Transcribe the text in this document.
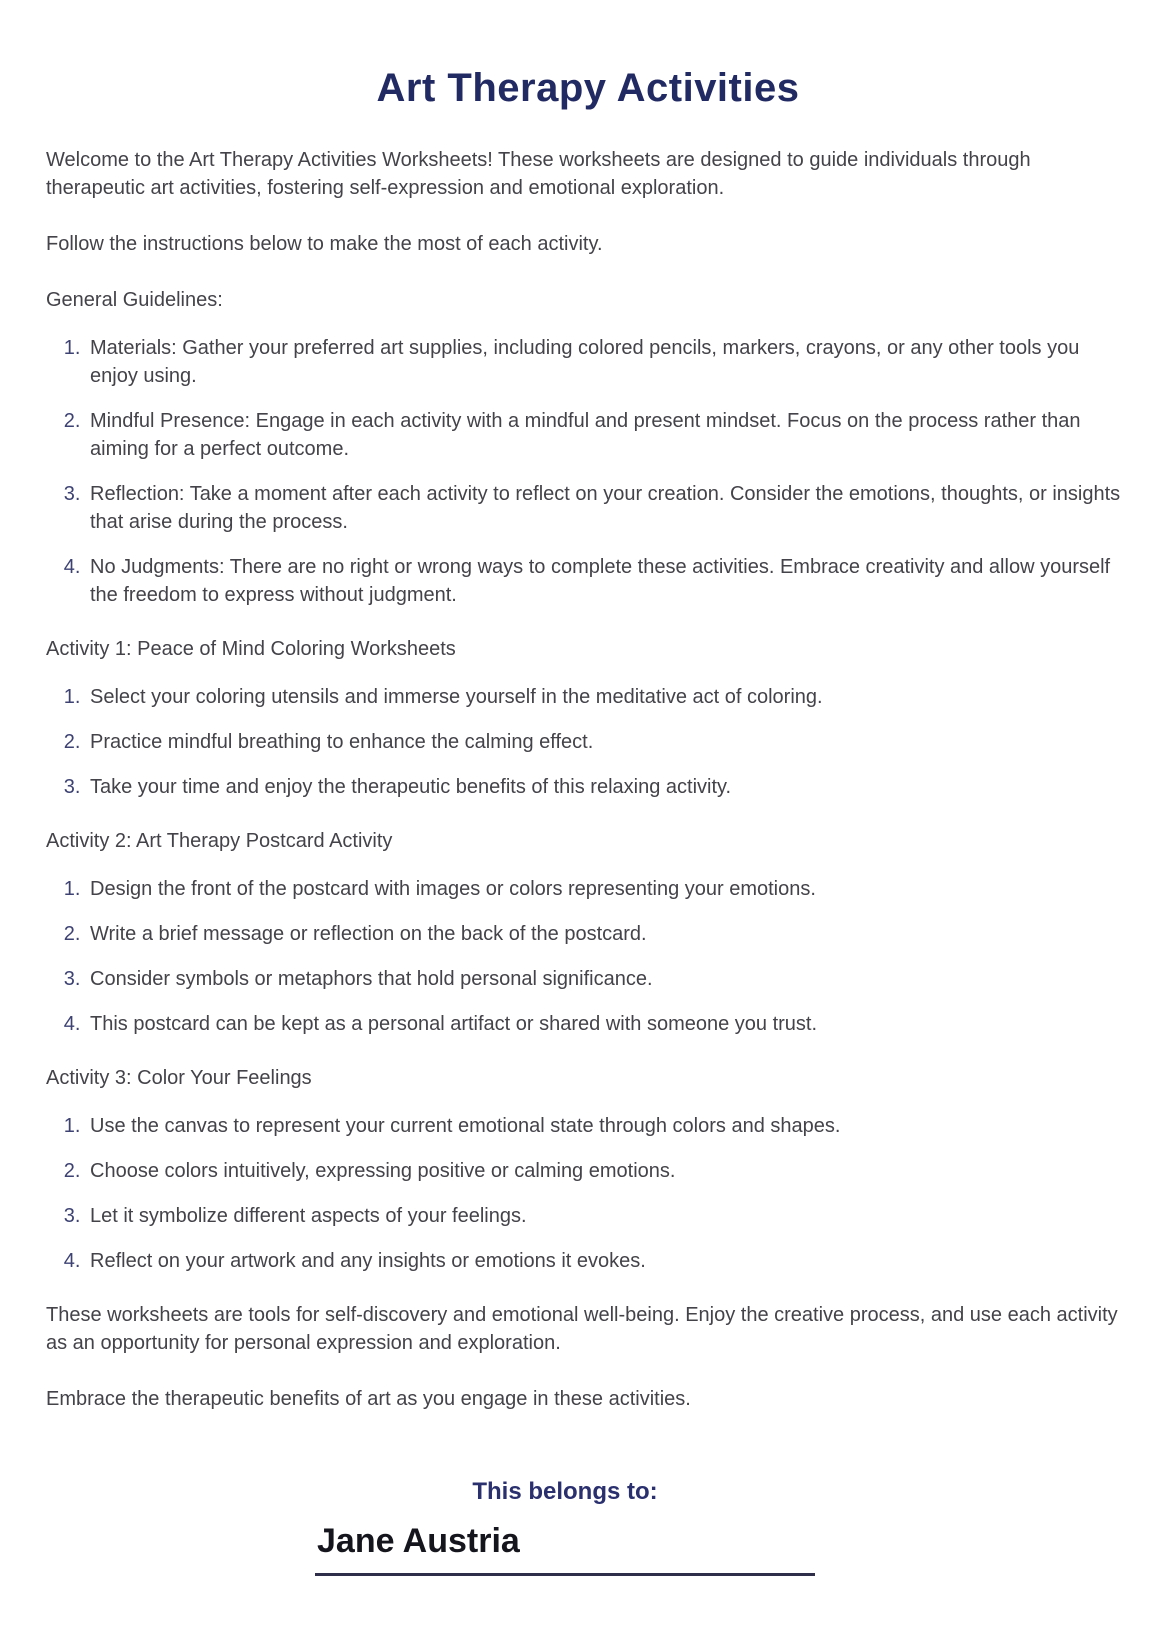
Art Therapy Activities

Welcome to the Art Therapy Activities Worksheets! These worksheets are designed to guide individuals through therapeutic art activities, fostering self-expression and emotional exploration.

Follow the instructions below to make the most of each activity.

General Guidelines:

1. Materials: Gather your preferred art supplies, including colored pencils, markers, crayons, or any other tools you enjoy using.
2. Mindful Presence: Engage in each activity with a mindful and present mindset. Focus on the process rather than aiming for a perfect outcome.
3. Reflection: Take a moment after each activity to reflect on your creation. Consider the emotions, thoughts, or insights that arise during the process.
4. No Judgments: There are no right or wrong ways to complete these activities. Embrace creativity and allow yourself the freedom to express without judgment.

Activity 1: Peace of Mind Coloring Worksheets

1. Select your coloring utensils and immerse yourself in the meditative act of coloring.
2. Practice mindful breathing to enhance the calming effect.
3. Take your time and enjoy the therapeutic benefits of this relaxing activity.

Activity 2: Art Therapy Postcard Activity

1. Design the front of the postcard with images or colors representing your emotions.
2. Write a brief message or reflection on the back of the postcard.
3. Consider symbols or metaphors that hold personal significance.
4. This postcard can be kept as a personal artifact or shared with someone you trust.

Activity 3: Color Your Feelings

1. Use the canvas to represent your current emotional state through colors and shapes.
2. Choose colors intuitively, expressing positive or calming emotions.
3. Let it symbolize different aspects of your feelings.
4. Reflect on your artwork and any insights or emotions it evokes.

These worksheets are tools for self-discovery and emotional well-being. Enjoy the creative process, and use each activity as an opportunity for personal expression and exploration.

Embrace the therapeutic benefits of art as you engage in these activities.

This belongs to:
Jane Austria
